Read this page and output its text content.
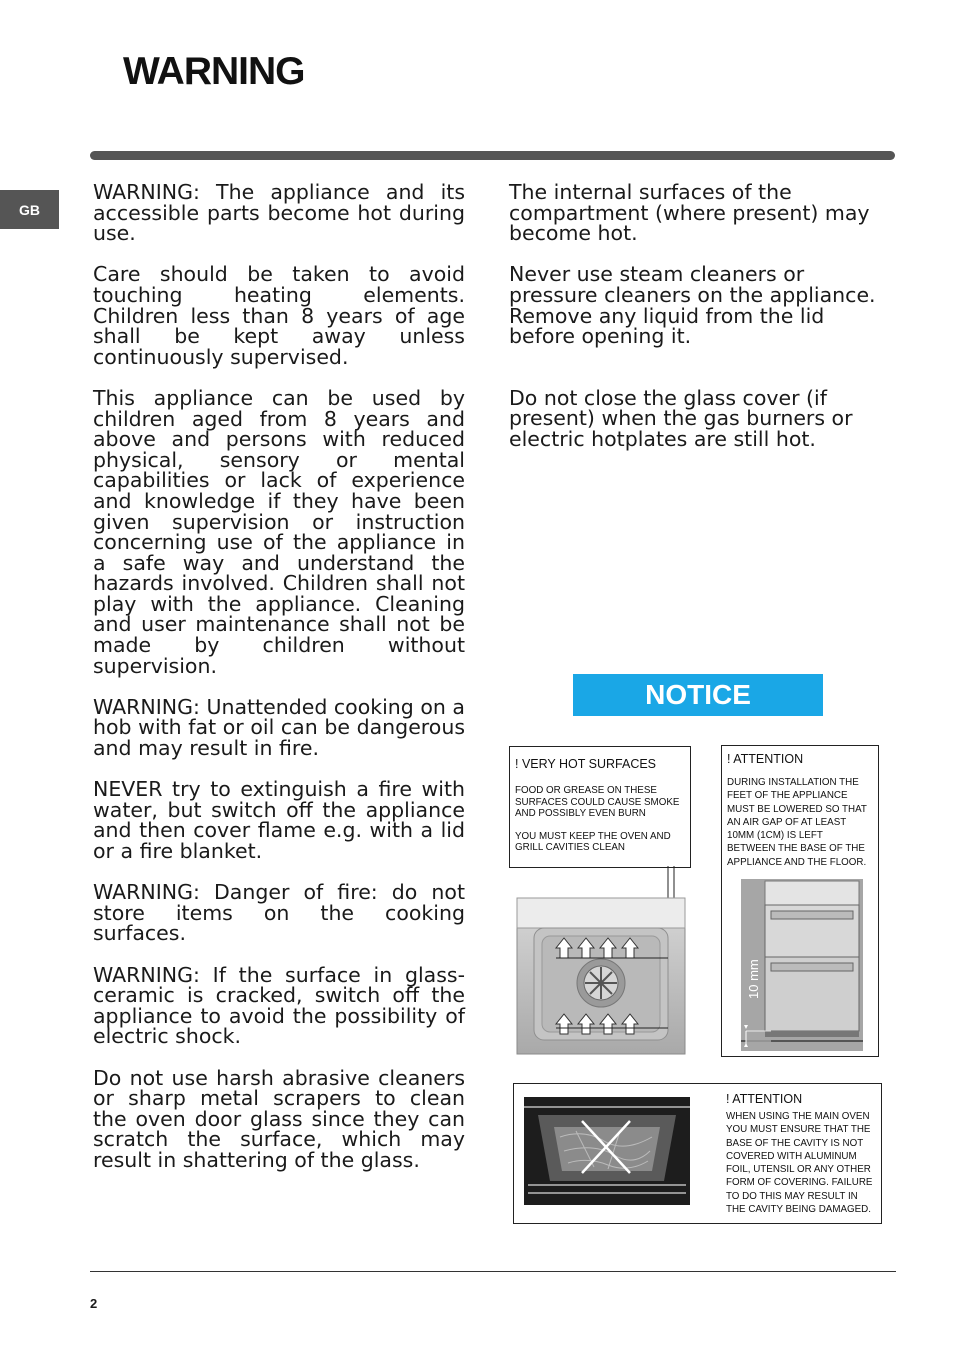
WARNING
GB

WARNING: The appliance and its accessible parts become hot during use.

Care should be taken to avoid touching heating elements. Children less than 8 years of age shall be kept away unless continuously supervised.

This appliance can be used by children aged from 8 years and above and persons with reduced physical, sensory or mental capabilities or lack of experience and knowledge if they have been given supervision or instruction concerning use of the appliance in a safe way and understand the hazards involved. Children shall not play with the appliance. Cleaning and user maintenance shall not be made by children without supervision.

WARNING: Unattended cooking on a hob with fat or oil can be dangerous and may result in fire.

NEVER try to extinguish a fire with water, but switch off the appliance and then cover flame e.g. with a lid or a fire blanket.

WARNING: Danger of fire: do not store items on the cooking surfaces.

WARNING: If the surface in glass-ceramic is cracked, switch off the appliance to avoid the possibility of electric shock.

Do not use harsh abrasive cleaners or sharp metal scrapers to clean the oven door glass since they can scratch the surface, which may result in shattering of the glass.

The internal surfaces of the compartment (where present) may become hot.

Never use steam cleaners or pressure cleaners on the appliance. Remove any liquid from the lid before opening it.

Do not close the glass cover (if present) when the gas burners or electric hotplates are still hot.

NOTICE
! VERY HOT SURFACES
FOOD OR GREASE ON THESE SURFACES COULD CAUSE SMOKE AND POSSIBLY EVEN BURN
YOU MUST KEEP THE OVEN AND GRILL CAVITIES CLEAN
! ATTENTION
DURING INSTALLATION THE FEET OF THE APPLIANCE MUST BE LOWERED SO THAT AN AIR GAP OF AT LEAST 10MM (1CM) IS LEFT BETWEEN THE BASE OF THE APPLIANCE AND THE FLOOR.
10 mm
! ATTENTION
WHEN USING THE MAIN OVEN YOU MUST ENSURE THAT THE BASE OF THE CAVITY IS NOT COVERED WITH ALUMINUM FOIL, UTENSIL OR ANY OTHER FORM OF COVERING. FAILURE TO DO THIS MAY RESULT IN THE CAVITY BEING DAMAGED.
2
